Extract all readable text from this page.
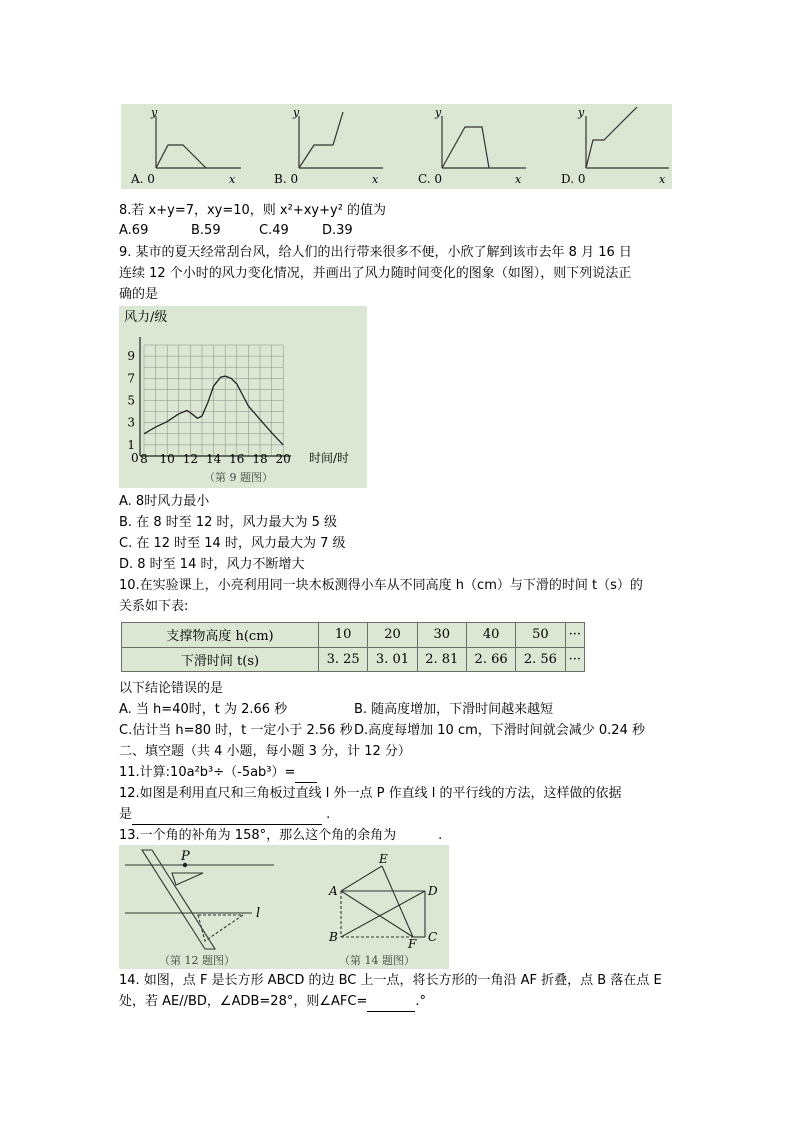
y
x
A. 0
y
x
B. 0
y
x
C. 0
y
x
D. 0
8.若 x+y=7，xy=10，则 x²+xy+y² 的值为
A.69	B.59	C.49	D.39
9. 某市的夏天经常刮台风，给人们的出行带来很多不便，小欣了解到该市去年 8 月 16 日
连续 12 个小时的风力变化情况，并画出了风力随时间变化的图象（如图），则下列说法正
确的是
8 10 12 14 16 18 20
1
3
5
7
9
风力/级
时间/时
0
（第 9 题图）
A. 8时风力最小
B. 在 8 时至 12 时，风力最大为 5 级
C. 在 12 时至 14 时，风力最大为 7 级
D. 8 时至 14 时，风力不断增大
10.在实验课上，小亮利用同一块木板测得小车从不同高度 h（cm）与下滑的时间 t（s）的
关系如下表:
支撑物高度 h(cm)	10	20	30	40	50	···
下滑时间 t(s)	3. 25	3. 01	2. 81	2. 66	2. 56	···
以下结论错误的是
A. 当 h=40时，t 为 2.66 秒	B. 随高度增加，下滑时间越来越短
C.估计当 h=80 时，t 一定小于 2.56 秒 D.高度每增加 10 cm，下滑时间就会减少 0.24 秒
二、填空题（共 4 小题，每小题 3 分，计 12 分）
11.计算:10a²b³÷（-5ab³）=
12.如图是利用直尺和三角板过直线 l 外一点 P 作直线 l 的平行线的方法，这样做的依据
是	.
13.一个角的补角为 158°，那么这个角的余角为	.
P
l
（第 12 题图）
E
A	D
B	F C
（第 14 题图）
14. 如图，点 F 是长方形 ABCD 的边 BC 上一点，将长方形的一角沿 AF 折叠，点 B 落在点 E
处，若 AE//BD，∠ADB=28°，则∠AFC=	.°
